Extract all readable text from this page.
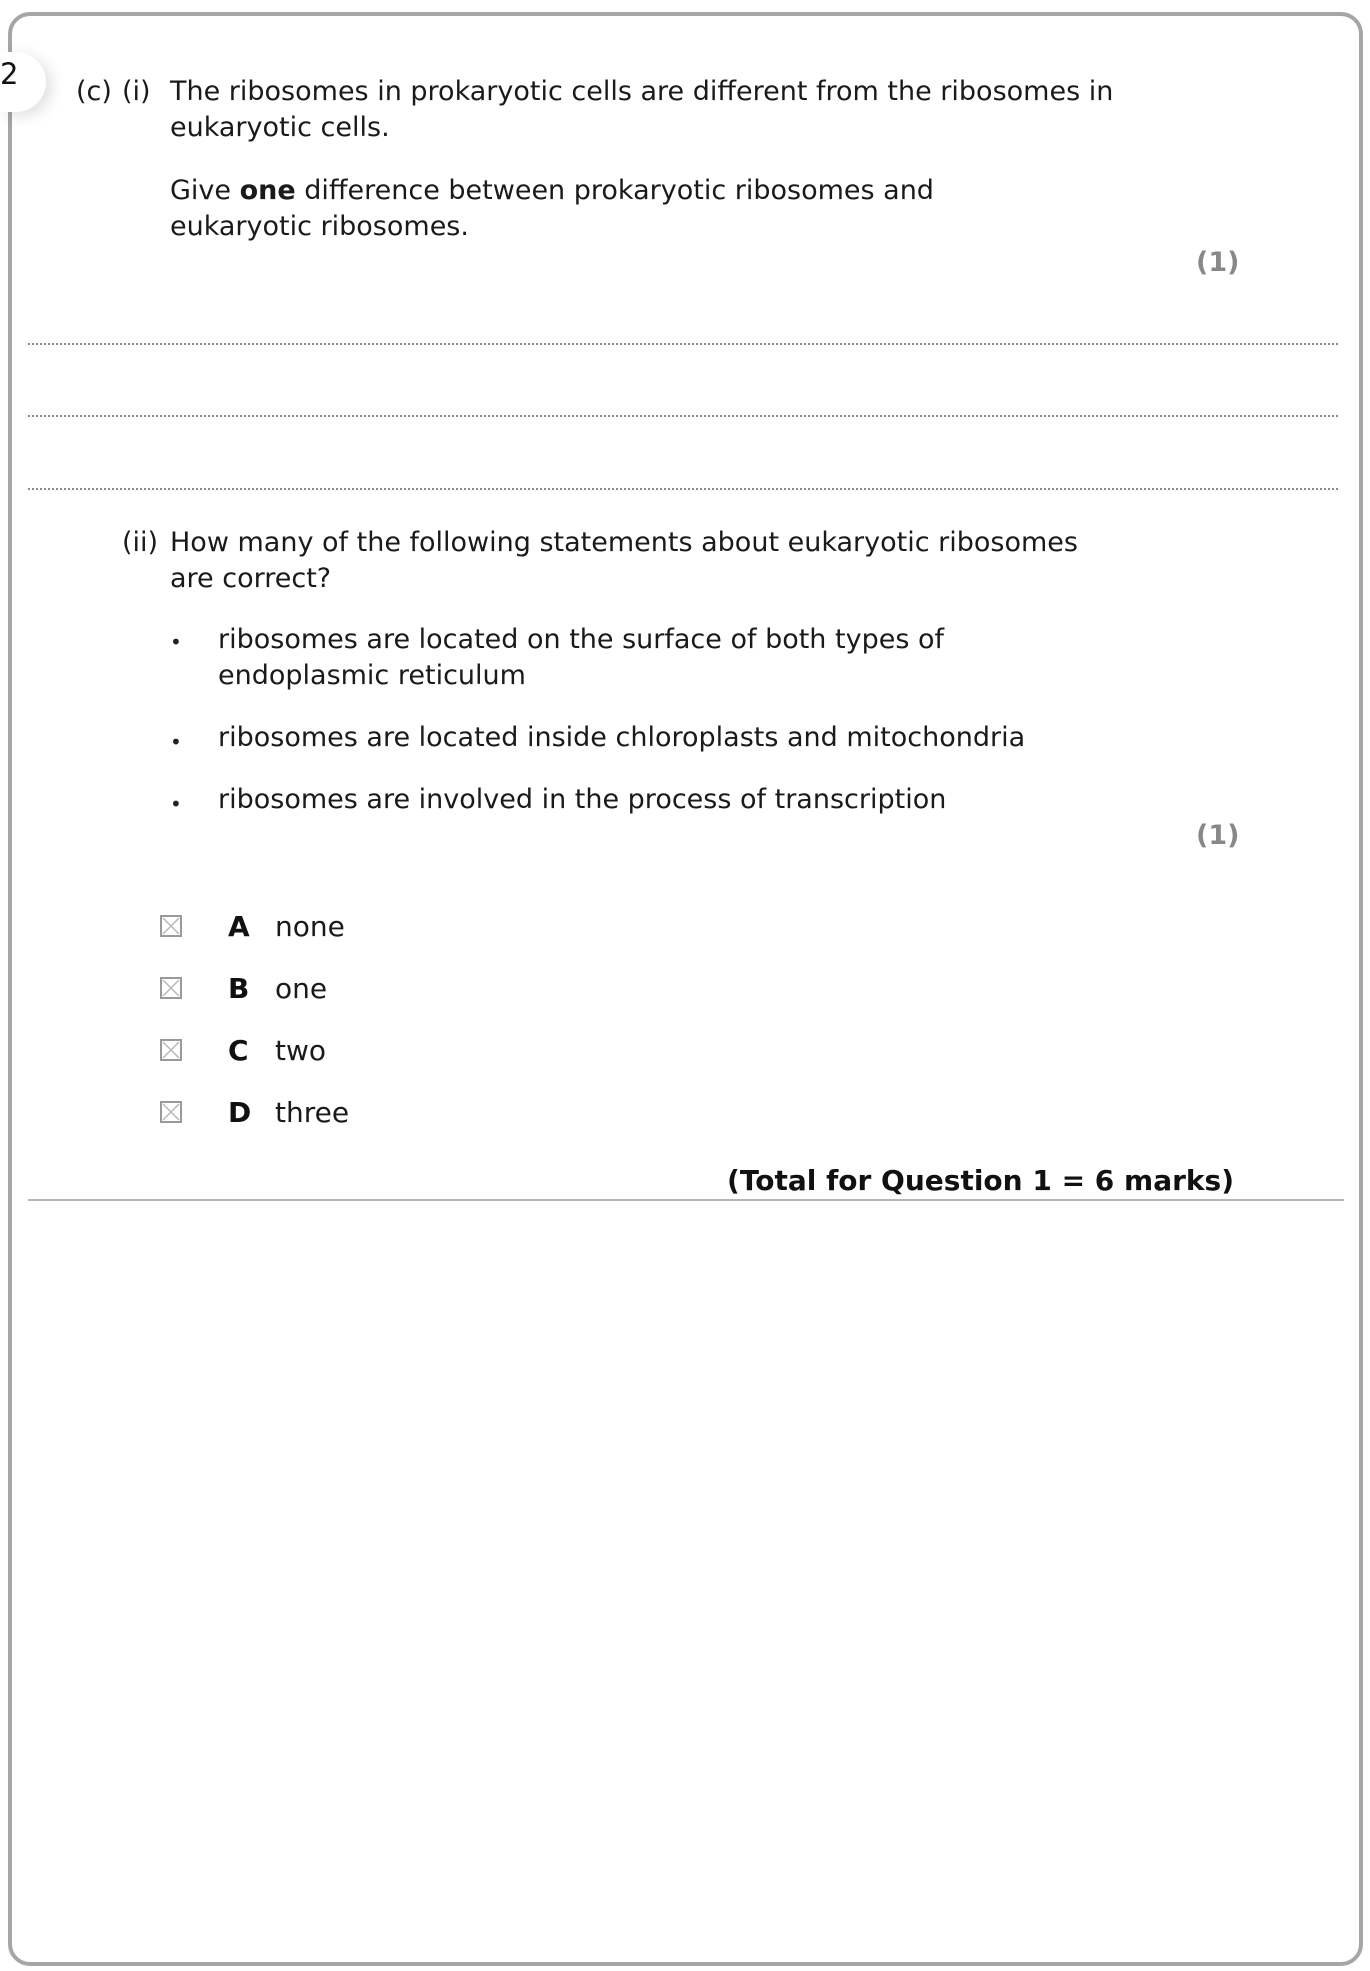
2
(c) (i) The ribosomes in prokaryotic cells are different from the ribosomes in
eukaryotic cells.
Give one difference between prokaryotic ribosomes and
eukaryotic ribosomes.
(1)
(ii) How many of the following statements about eukaryotic ribosomes
are correct?
• ribosomes are located on the surface of both types of
endoplasmic reticulum
• ribosomes are located inside chloroplasts and mitochondria
• ribosomes are involved in the process of transcription
(1)
A none
B one
C two
D three
(Total for Question 1 = 6 marks)
